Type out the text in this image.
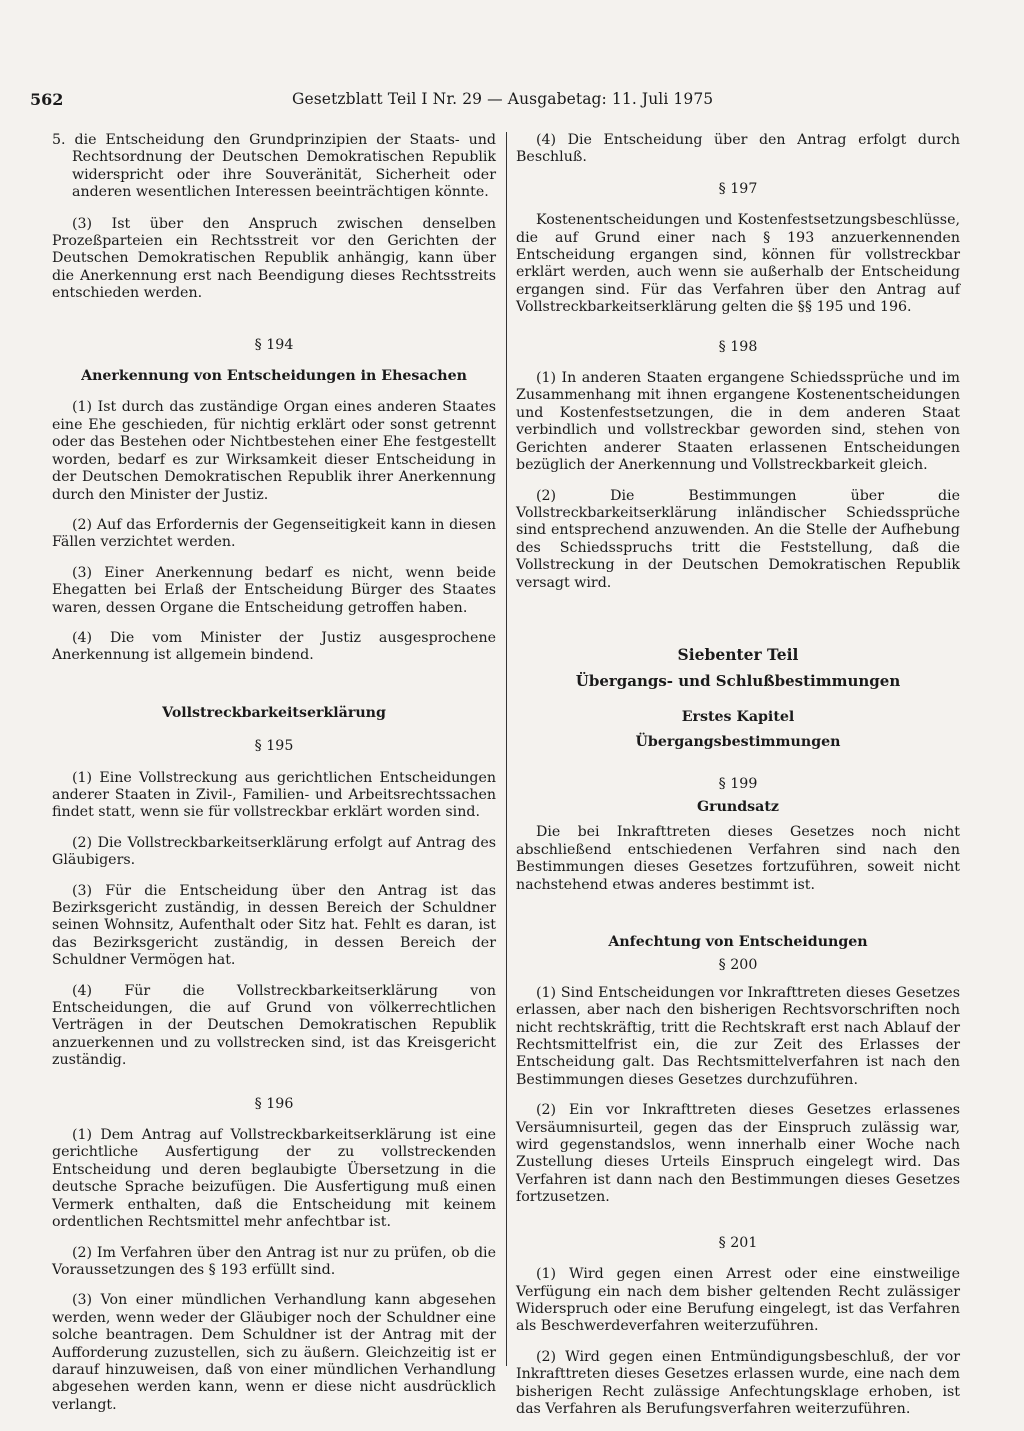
562	Gesetzblatt Teil I Nr. 29 — Ausgabetag: 11. Juli 1975

5. die Entscheidung den Grundprinzipien der Staats- und Rechtsordnung der Deutschen Demokratischen Republik widerspricht oder ihre Souveränität, Sicherheit oder anderen wesentlichen Interessen beeinträchtigen könnte.

(3) Ist über den Anspruch zwischen denselben Prozeßparteien ein Rechtsstreit vor den Gerichten der Deutschen Demokratischen Republik anhängig, kann über die Anerkennung erst nach Beendigung dieses Rechtsstreits entschieden werden.

§ 194

Anerkennung von Entscheidungen in Ehesachen

(1) Ist durch das zuständige Organ eines anderen Staates eine Ehe geschieden, für nichtig erklärt oder sonst getrennt oder das Bestehen oder Nichtbestehen einer Ehe festgestellt worden, bedarf es zur Wirksamkeit dieser Entscheidung in der Deutschen Demokratischen Republik ihrer Anerkennung durch den Minister der Justiz.

(2) Auf das Erfordernis der Gegenseitigkeit kann in diesen Fällen verzichtet werden.

(3) Einer Anerkennung bedarf es nicht, wenn beide Ehegatten bei Erlaß der Entscheidung Bürger des Staates waren, dessen Organe die Entscheidung getroffen haben.

(4) Die vom Minister der Justiz ausgesprochene Anerkennung ist allgemein bindend.

Vollstreckbarkeitserklärung

§ 195

(1) Eine Vollstreckung aus gerichtlichen Entscheidungen anderer Staaten in Zivil-, Familien- und Arbeitsrechtssachen findet statt, wenn sie für vollstreckbar erklärt worden sind.

(2) Die Vollstreckbarkeitserklärung erfolgt auf Antrag des Gläubigers.

(3) Für die Entscheidung über den Antrag ist das Bezirksgericht zuständig, in dessen Bereich der Schuldner seinen Wohnsitz, Aufenthalt oder Sitz hat. Fehlt es daran, ist das Bezirksgericht zuständig, in dessen Bereich der Schuldner Vermögen hat.

(4) Für die Vollstreckbarkeitserklärung von Entscheidungen, die auf Grund von völkerrechtlichen Verträgen in der Deutschen Demokratischen Republik anzuerkennen und zu vollstrecken sind, ist das Kreisgericht zuständig.

§ 196

(1) Dem Antrag auf Vollstreckbarkeitserklärung ist eine gerichtliche Ausfertigung der zu vollstreckenden Entscheidung und deren beglaubigte Übersetzung in die deutsche Sprache beizufügen. Die Ausfertigung muß einen Vermerk enthalten, daß die Entscheidung mit keinem ordentlichen Rechtsmittel mehr anfechtbar ist.

(2) Im Verfahren über den Antrag ist nur zu prüfen, ob die Voraussetzungen des § 193 erfüllt sind.

(3) Von einer mündlichen Verhandlung kann abgesehen werden, wenn weder der Gläubiger noch der Schuldner eine solche beantragen. Dem Schuldner ist der Antrag mit der Aufforderung zuzustellen, sich zu äußern. Gleichzeitig ist er darauf hinzuweisen, daß von einer mündlichen Verhandlung abgesehen werden kann, wenn er diese nicht ausdrücklich verlangt.

(4) Die Entscheidung über den Antrag erfolgt durch Beschluß.

§ 197

Kostenentscheidungen und Kostenfestsetzungsbeschlüsse, die auf Grund einer nach § 193 anzuerkennenden Entscheidung ergangen sind, können für vollstreckbar erklärt werden, auch wenn sie außerhalb der Entscheidung ergangen sind. Für das Verfahren über den Antrag auf Vollstreckbarkeitserklärung gelten die §§ 195 und 196.

§ 198

(1) In anderen Staaten ergangene Schiedssprüche und im Zusammenhang mit ihnen ergangene Kostenentscheidungen und Kostenfestsetzungen, die in dem anderen Staat verbindlich und vollstreckbar geworden sind, stehen von Gerichten anderer Staaten erlassenen Entscheidungen bezüglich der Anerkennung und Vollstreckbarkeit gleich.

(2) Die Bestimmungen über die Vollstreckbarkeitserklärung inländischer Schiedssprüche sind entsprechend anzuwenden. An die Stelle der Aufhebung des Schiedsspruchs tritt die Feststellung, daß die Vollstreckung in der Deutschen Demokratischen Republik versagt wird.

Siebenter Teil

Übergangs- und Schlußbestimmungen

Erstes Kapitel

Übergangsbestimmungen

§ 199

Grundsatz

Die bei Inkrafttreten dieses Gesetzes noch nicht abschließend entschiedenen Verfahren sind nach den Bestimmungen dieses Gesetzes fortzuführen, soweit nicht nachstehend etwas anderes bestimmt ist.

Anfechtung von Entscheidungen

§ 200

(1) Sind Entscheidungen vor Inkrafttreten dieses Gesetzes erlassen, aber nach den bisherigen Rechtsvorschriften noch nicht rechtskräftig, tritt die Rechtskraft erst nach Ablauf der Rechtsmittelfrist ein, die zur Zeit des Erlasses der Entscheidung galt. Das Rechtsmittelverfahren ist nach den Bestimmungen dieses Gesetzes durchzuführen.

(2) Ein vor Inkrafttreten dieses Gesetzes erlassenes Versäumnisurteil, gegen das der Einspruch zulässig war, wird gegenstandslos, wenn innerhalb einer Woche nach Zustellung dieses Urteils Einspruch eingelegt wird. Das Verfahren ist dann nach den Bestimmungen dieses Gesetzes fortzusetzen.

§ 201

(1) Wird gegen einen Arrest oder eine einstweilige Verfügung ein nach dem bisher geltenden Recht zulässiger Widerspruch oder eine Berufung eingelegt, ist das Verfahren als Beschwerdeverfahren weiterzuführen.

(2) Wird gegen einen Entmündigungsbeschluß, der vor Inkrafttreten dieses Gesetzes erlassen wurde, eine nach dem bisherigen Recht zulässige Anfechtungsklage erhoben, ist das Verfahren als Berufungsverfahren weiterzuführen.
